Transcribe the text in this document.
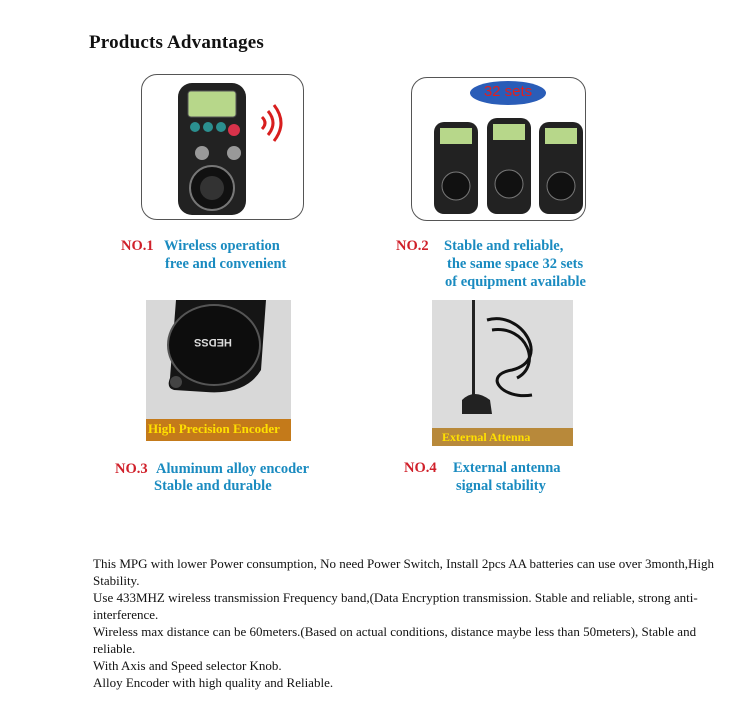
Products Advantages
32 sets
NO.1 Wireless operation
free and convenient
NO.2 Stable and reliable,
the same space 32 sets
of equipment available
HEDSS
High Precision Encoder
External Attenna
NO.3 Aluminum alloy encoder
Stable and durable
NO.4 External antenna
signal stability

This MPG with lower Power consumption, No need Power Switch, Install 2pcs AA batteries can use over 3month,High Stability.

Use 433MHZ wireless transmission Frequency band,(Data Encryption transmission. Stable and reliable, strong anti-interference.

Wireless max distance can be 60meters.(Based on actual conditions, distance maybe less than 50meters), Stable and reliable.

With Axis and Speed selector Knob.

Alloy Encoder with high quality and Reliable.
